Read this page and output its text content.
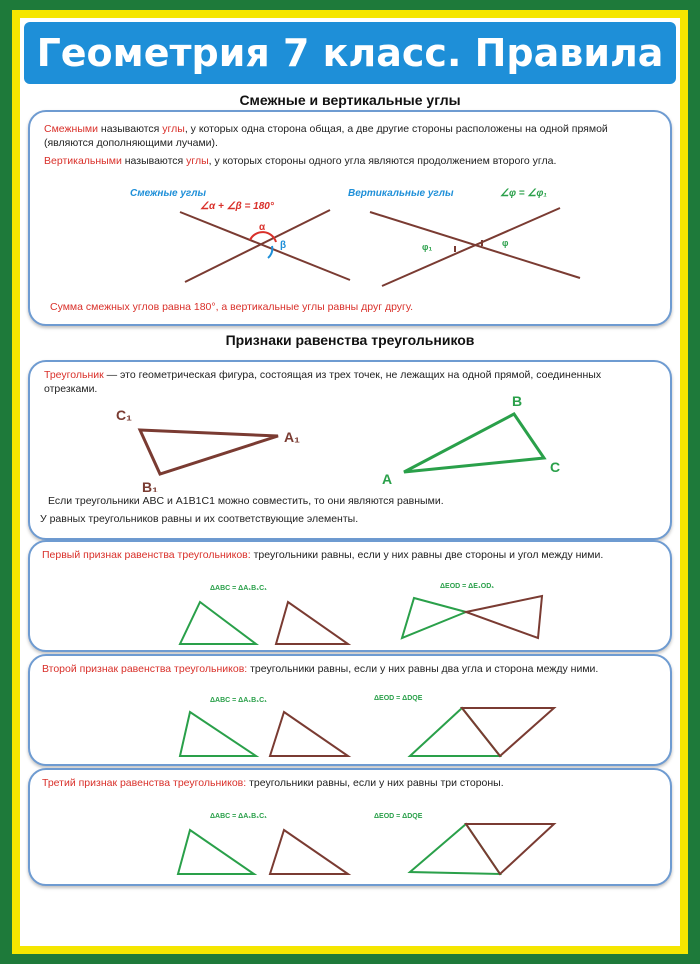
Геометрия 7 класс. Правила
Смежные и вертикальные углы
Смежными называются углы, у которых одна сторона общая, а две другие стороны расположены на одной прямой (являются дополняющими лучами).
Вертикальными называются углы, у которых стороны одного угла являются продолжением второго угла.
Смежные углы
∠α + ∠β = 180°
α
β
Вертикальные углы	∠φ = ∠φ₁
φ₁	φ
Сумма смежных углов равна 180°, а вертикальные углы равны друг другу.
Признаки равенства треугольников
Треугольник — это геометрическая фигура, состоящая из трех точек, не лежащих на одной прямой, соединенных отрезками.
C₁
A₁
B₁	A
B
C
Если треугольники ABC и A1B1C1 можно совместить, то они являются равными.
У равных треугольников равны и их соответствующие элементы.
Первый признак равенства треугольников: треугольники равны, если у них равны две стороны и угол между ними.
ΔABC = ΔA₁B₁C₁	ΔEOD = ΔE₁OD₁
Второй признак равенства треугольников: треугольники равны, если у них равны два угла и сторона между ними.
ΔABC = ΔA₁B₁C₁	ΔEOD = ΔDQE
Третий признак равенства треугольников: треугольники равны, если у них равны три стороны.
ΔABC = ΔA₁B₁C₁	ΔEOD = ΔDQE
